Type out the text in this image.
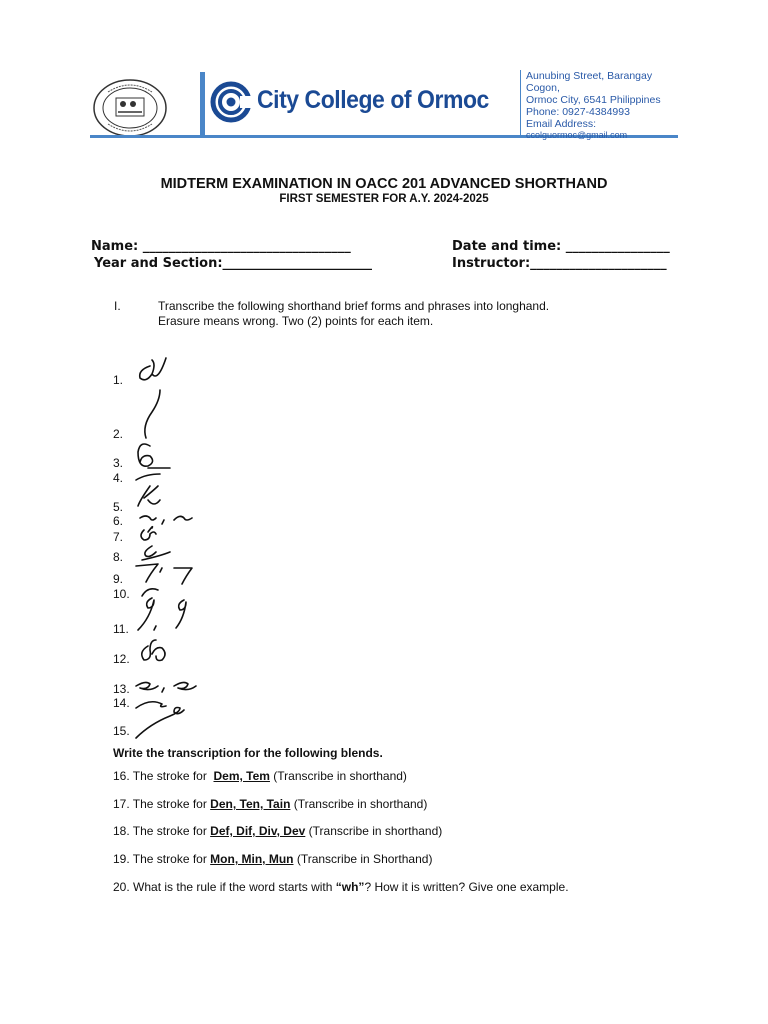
City College of Ormoc
Aunubing Street, Barangay
Cogon,
Ormoc City, 6541 Philippines
Phone: 0927-4384993
Email Address:
ccolguormoc@gmail.com
MIDTERM EXAMINATION IN OACC 201 ADVANCED SHORTHAND
FIRST SEMESTER FOR A.Y. 2024-2025
Name: ________________________________	Date and time: ________________
Year and Section:_______________________	Instructor:_____________________
I.	Transcribe the following shorthand brief forms and phrases into longhand.
Erasure means wrong. Two (2) points for each item.
1.
2.
3.
4.
5.
6.
7.
8.
9.
10.
11.
12.
13.
14.
15.
Write the transcription for the following blends.
16. The stroke for  Dem, Tem (Transcribe in shorthand)
17. The stroke for Den, Ten, Tain (Transcribe in shorthand)
18. The stroke for Def, Dif, Div, Dev (Transcribe in shorthand)
19. The stroke for Mon, Min, Mun (Transcribe in Shorthand)
20. What is the rule if the word starts with “wh”? How it is written? Give one example.
